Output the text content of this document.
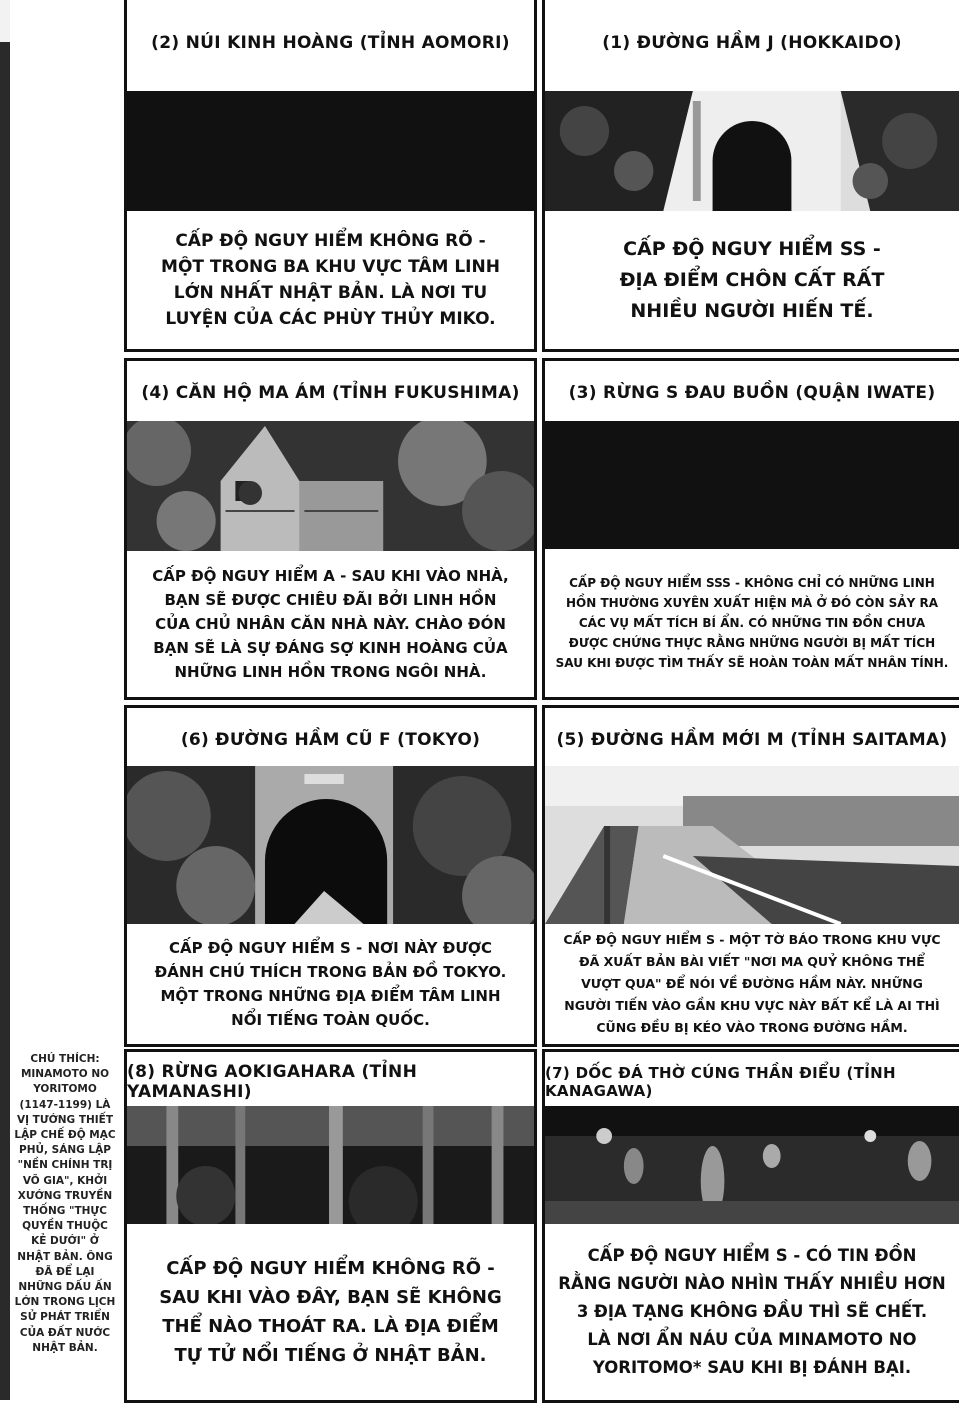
CHÚ THÍCH: MINAMOTO NO YORITOMO (1147-1199) LÀ VỊ TƯỚNG THIẾT LẬP CHẾ ĐỘ MẠC PHỦ, SÁNG LẬP "NỀN CHÍNH TRỊ VÕ GIA", KHỞI XƯỚNG TRUYỀN THỐNG "THỰC QUYỀN THUỘC KẺ DƯỚI" Ở NHẬT BẢN. ÔNG ĐÃ ĐỂ LẠI NHỮNG DẤU ẤN LỚN TRONG LỊCH SỬ PHÁT TRIỂN CỦA ĐẤT NƯỚC NHẬT BẢN.
(2) NÚI KINH HOÀNG (TỈNH AOMORI)
CẤP ĐỘ NGUY HIỂM KHÔNG RÕ -
MỘT TRONG BA KHU VỰC TÂM LINH
LỚN NHẤT NHẬT BẢN. LÀ NƠI TU
LUYỆN CỦA CÁC PHÙY THỦY MIKO.
(1) ĐƯỜNG HẦM J (HOKKAIDO)
CẤP ĐỘ NGUY HIỂM SS -
ĐỊA ĐIỂM CHÔN CẤT RẤT
NHIỀU NGƯỜI HIẾN TẾ.
(4) CĂN HỘ MA ÁM (TỈNH FUKUSHIMA)
CẤP ĐỘ NGUY HIỂM A - SAU KHI VÀO NHÀ,
BẠN SẼ ĐƯỢC CHIÊU ĐÃI BỞI LINH HỒN
CỦA CHỦ NHÂN CĂN NHÀ NÀY. CHÀO ĐÓN
BẠN SẼ LÀ SỰ ĐÁNG SỢ KINH HOÀNG CỦA
NHỮNG LINH HỒN TRONG NGÔI NHÀ.
(3) RỪNG S ĐAU BUỒN (QUẬN IWATE)
CẤP ĐỘ NGUY HIỂM SSS - KHÔNG CHỈ CÓ NHỮNG LINH
HỒN THƯỜNG XUYÊN XUẤT HIỆN MÀ Ở ĐÓ CÒN SẢY RA
CÁC VỤ MẤT TÍCH BÍ ẨN. CÓ NHỮNG TIN ĐỒN CHƯA
ĐƯỢC CHỨNG THỰC RẰNG NHỮNG NGƯỜI BỊ MẤT TÍCH
SAU KHI ĐƯỢC TÌM THẤY SẼ HOÀN TOÀN MẤT NHÂN TÍNH.
(6) ĐƯỜNG HẦM CŨ F (TOKYO)
CẤP ĐỘ NGUY HIỂM S - NƠI NÀY ĐƯỢC
ĐÁNH CHÚ THÍCH TRONG BẢN ĐỒ TOKYO.
MỘT TRONG NHỮNG ĐỊA ĐIỂM TÂM LINH
NỔI TIẾNG TOÀN QUỐC.
(5) ĐƯỜNG HẦM MỚI M (TỈNH SAITAMA)
CẤP ĐỘ NGUY HIỂM S - MỘT TỜ BÁO TRONG KHU VỰC
ĐÃ XUẤT BẢN BÀI VIẾT "NƠI MA QUỶ KHÔNG THỂ
VƯỢT QUA" ĐỂ NÓI VỀ ĐƯỜNG HẦM NÀY. NHỮNG
NGƯỜI TIẾN VÀO GẦN KHU VỰC NÀY BẤT KỂ LÀ AI THÌ
CŨNG ĐỀU BỊ KÉO VÀO TRONG ĐƯỜNG HẦM.
(8) RỪNG AOKIGAHARA (TỈNH YAMANASHI)
CẤP ĐỘ NGUY HIỂM KHÔNG RÕ -
SAU KHI VÀO ĐÂY, BẠN SẼ KHÔNG
THỂ NÀO THOÁT RA. LÀ ĐỊA ĐIỂM
TỰ TỬ NỔI TIẾNG Ở NHẬT BẢN.
(7) DỐC ĐÁ THỜ CÚNG THẦN ĐIỂU (TỈNH KANAGAWA)
CẤP ĐỘ NGUY HIỂM S - CÓ TIN ĐỒN
RẰNG NGƯỜI NÀO NHÌN THẤY NHIỀU HƠN
3 ĐỊA TẠNG KHÔNG ĐẦU THÌ SẼ CHẾT.
LÀ NƠI ẨN NÁU CỦA MINAMOTO NO
YORITOMO* SAU KHI BỊ ĐÁNH BẠI.
